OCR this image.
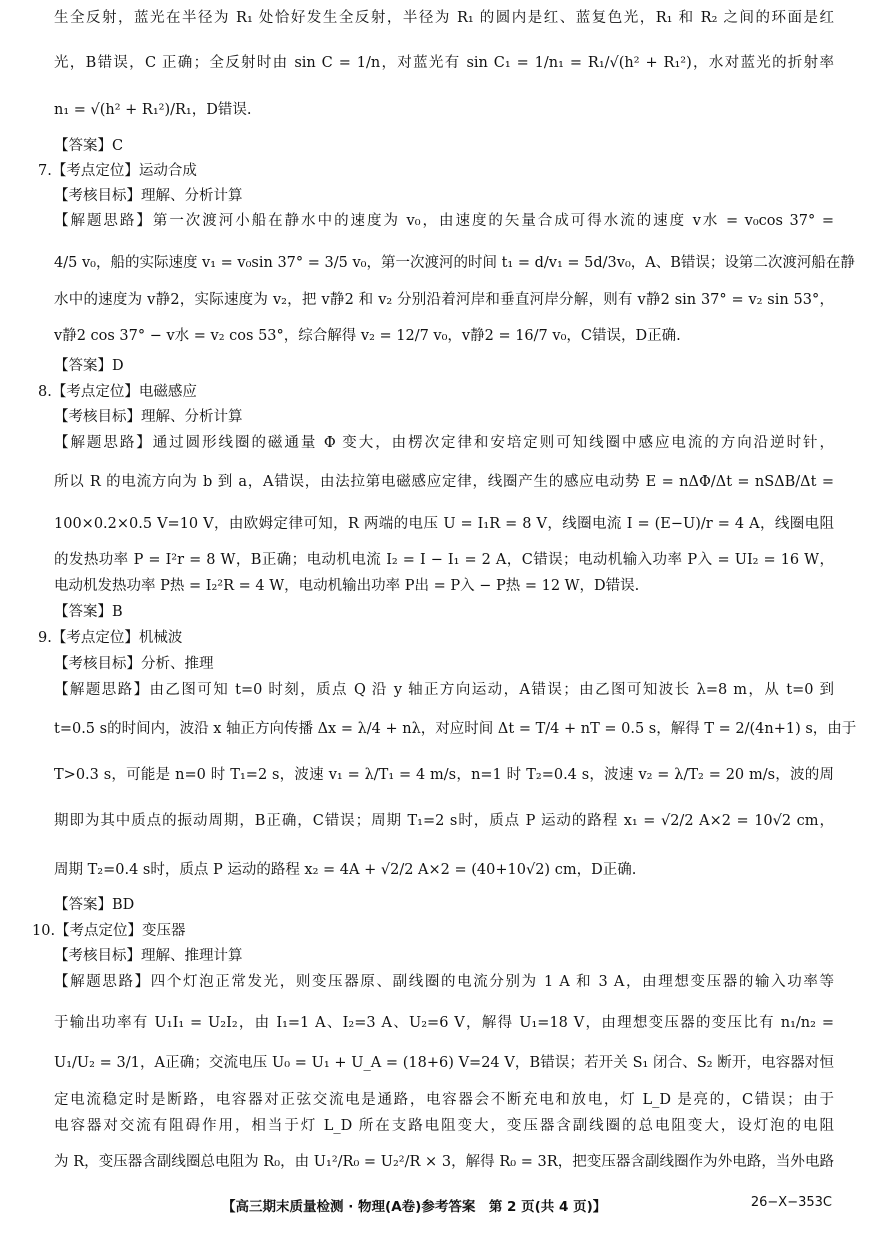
生全反射，蓝光在半径为 R₁ 处恰好发生全反射，半径为 R₁ 的圆内是红、蓝复色光，R₁ 和 R₂ 之间的环面是红
光，B错误，C 正确；全反射时由 sin C = 1/n，对蓝光有 sin C₁ = 1/n₁ = R₁/√(h² + R₁²)，水对蓝光的折射率
n₁ = √(h² + R₁²)/R₁，D错误.
【答案】C
7.【考点定位】运动合成
【考核目标】理解、分析计算
【解题思路】第一次渡河小船在静水中的速度为 v₀，由速度的矢量合成可得水流的速度 v水 = v₀cos 37° =
4/5 v₀，船的实际速度 v₁ = v₀sin 37° = 3/5 v₀，第一次渡河的时间 t₁ = d/v₁ = 5d/3v₀，A、B错误；设第二次渡河船在静
水中的速度为 v静2，实际速度为 v₂，把 v静2 和 v₂ 分别沿着河岸和垂直河岸分解，则有 v静2 sin 37° = v₂ sin 53°，
v静2 cos 37° − v水 = v₂ cos 53°，综合解得 v₂ = 12/7 v₀，v静2 = 16/7 v₀，C错误，D正确.
【答案】D
8.【考点定位】电磁感应
【考核目标】理解、分析计算
【解题思路】通过圆形线圈的磁通量 Φ 变大，由楞次定律和安培定则可知线圈中感应电流的方向沿逆时针，
所以 R 的电流方向为 b 到 a，A错误，由法拉第电磁感应定律，线圈产生的感应电动势 E = nΔΦ/Δt = nSΔB/Δt =
100×0.2×0.5 V=10 V，由欧姆定律可知，R 两端的电压 U = I₁R = 8 V，线圈电流 I = (E−U)/r = 4 A，线圈电阻
的发热功率 P = I²r = 8 W，B正确；电动机电流 I₂ = I − I₁ = 2 A，C错误；电动机输入功率 P入 = UI₂ = 16 W，
电动机发热功率 P热 = I₂²R = 4 W，电动机输出功率 P出 = P入 − P热 = 12 W，D错误.
【答案】B
9.【考点定位】机械波
【考核目标】分析、推理
【解题思路】由乙图可知 t=0 时刻，质点 Q 沿 y 轴正方向运动，A错误；由乙图可知波长 λ=8 m，从 t=0 到
t=0.5 s的时间内，波沿 x 轴正方向传播 Δx = λ/4 + nλ，对应时间 Δt = T/4 + nT = 0.5 s，解得 T = 2/(4n+1) s，由于
T>0.3 s，可能是 n=0 时 T₁=2 s，波速 v₁ = λ/T₁ = 4 m/s，n=1 时 T₂=0.4 s，波速 v₂ = λ/T₂ = 20 m/s，波的周
期即为其中质点的振动周期，B正确，C错误；周期 T₁=2 s时，质点 P 运动的路程 x₁ = √2/2 A×2 = 10√2 cm，
周期 T₂=0.4 s时，质点 P 运动的路程 x₂ = 4A + √2/2 A×2 = (40+10√2) cm，D正确.
【答案】BD
10.【考点定位】变压器
【考核目标】理解、推理计算
【解题思路】四个灯泡正常发光，则变压器原、副线圈的电流分别为 1 A 和 3 A，由理想变压器的输入功率等
于输出功率有 U₁I₁ = U₂I₂，由 I₁=1 A、I₂=3 A、U₂=6 V，解得 U₁=18 V，由理想变压器的变压比有 n₁/n₂ =
U₁/U₂ = 3/1，A正确；交流电压 U₀ = U₁ + U_A = (18+6) V=24 V，B错误；若开关 S₁ 闭合、S₂ 断开，电容器对恒
定电流稳定时是断路，电容器对正弦交流电是通路，电容器会不断充电和放电，灯 L_D 是亮的，C错误；由于
电容器对交流有阻碍作用，相当于灯 L_D 所在支路电阻变大，变压器含副线圈的总电阻变大，设灯泡的电阻
为 R，变压器含副线圈总电阻为 R₀，由 U₁²/R₀ = U₂²/R × 3，解得 R₀ = 3R，把变压器含副线圈作为外电路，当外电路
【高三期末质量检测 · 物理(A卷)参考答案　第 2 页(共 4 页)】	26−X−353C
